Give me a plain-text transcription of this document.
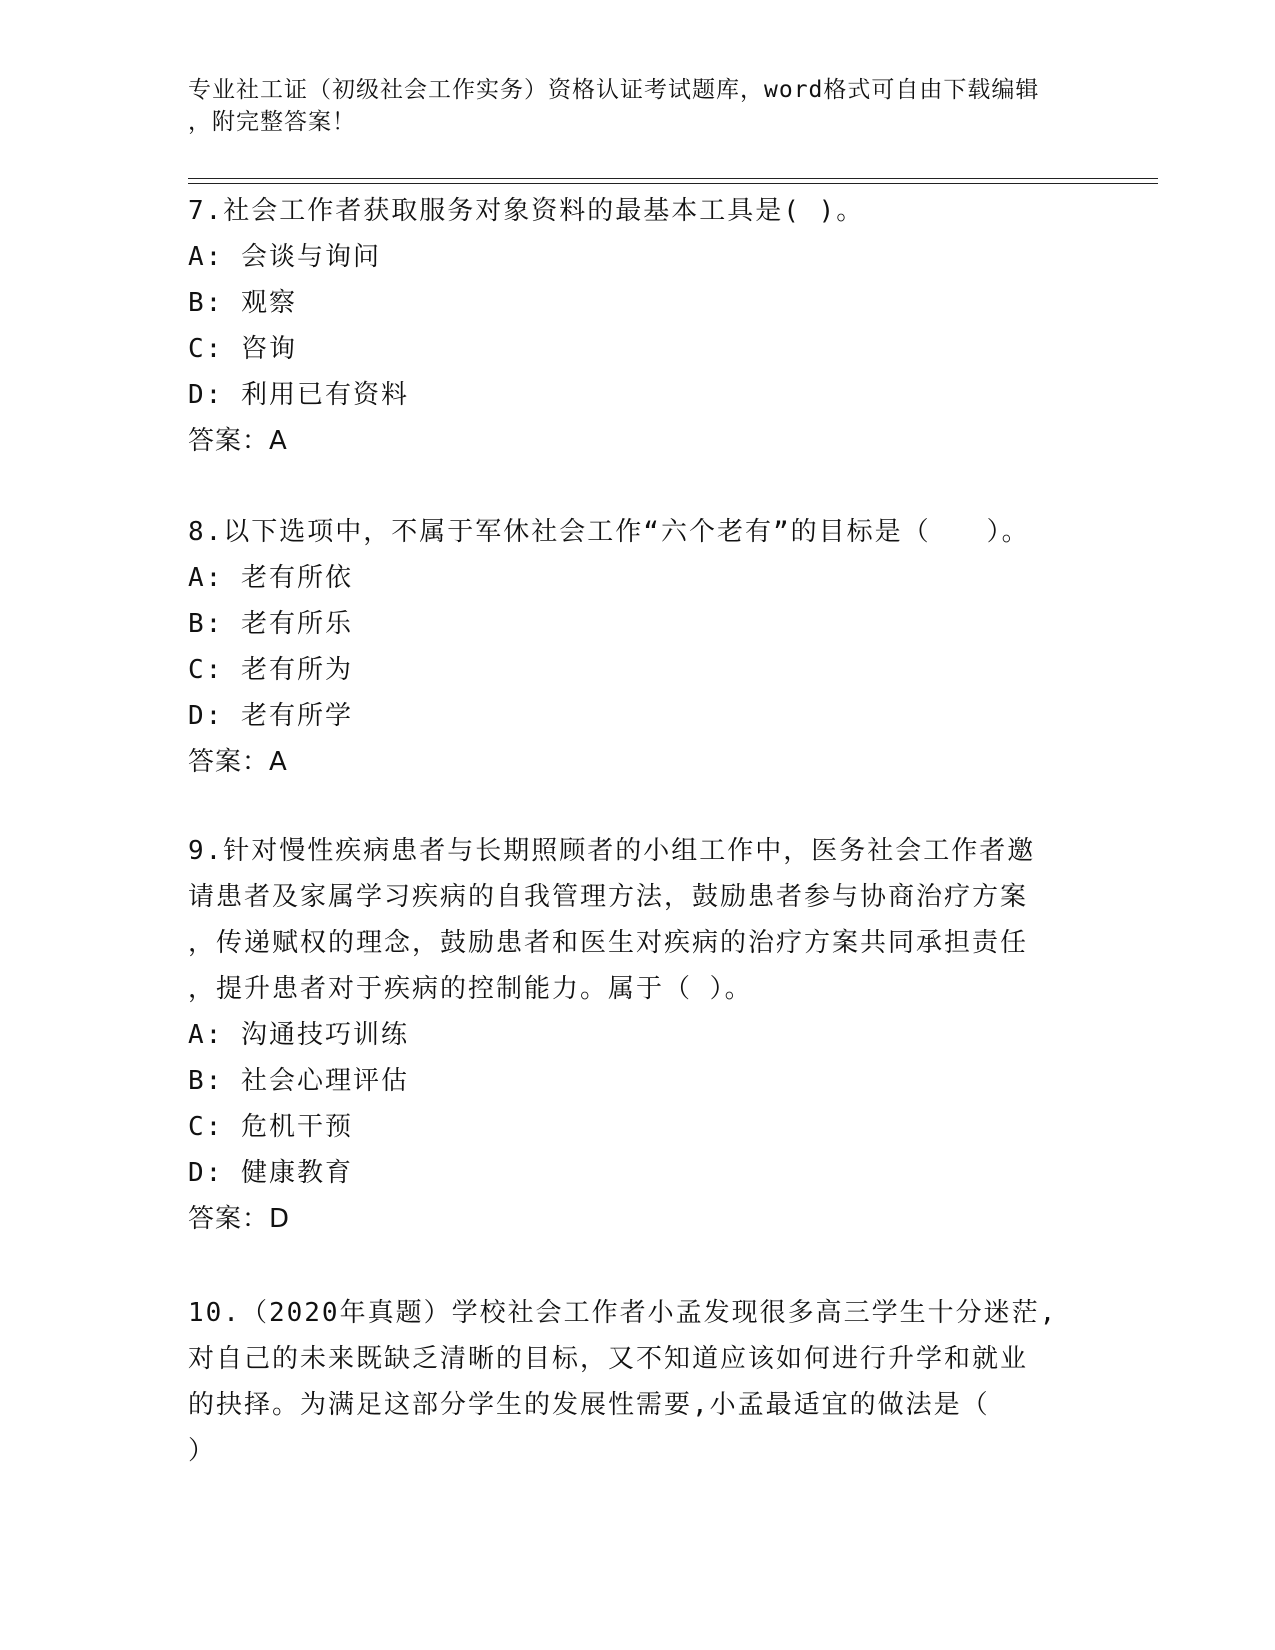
专业社工证（初级社会工作实务）资格认证考试题库，word格式可自由下载编辑
，附完整答案！

7.社会工作者获取服务对象资料的最基本工具是( )。

A: 会谈与询问

B: 观察

C: 咨询

D: 利用已有资料

答案：A

8.以下选项中，不属于军休社会工作“六个老有”的目标是（　　）。

A: 老有所依

B: 老有所乐

C: 老有所为

D: 老有所学

答案：A

9.针对慢性疾病患者与长期照顾者的小组工作中，医务社会工作者邀

请患者及家属学习疾病的自我管理方法，鼓励患者参与协商治疗方案

，传递赋权的理念，鼓励患者和医生对疾病的治疗方案共同承担责任

，提升患者对于疾病的控制能力。属于（ ）。

A: 沟通技巧训练

B: 社会心理评估

C: 危机干预

D: 健康教育

答案：D

10.（2020年真题）学校社会工作者小孟发现很多高三学生十分迷茫,

对自己的未来既缺乏清晰的目标，又不知道应该如何进行升学和就业

的抉择。为满足这部分学生的发展性需要,小孟最适宜的做法是（

）
